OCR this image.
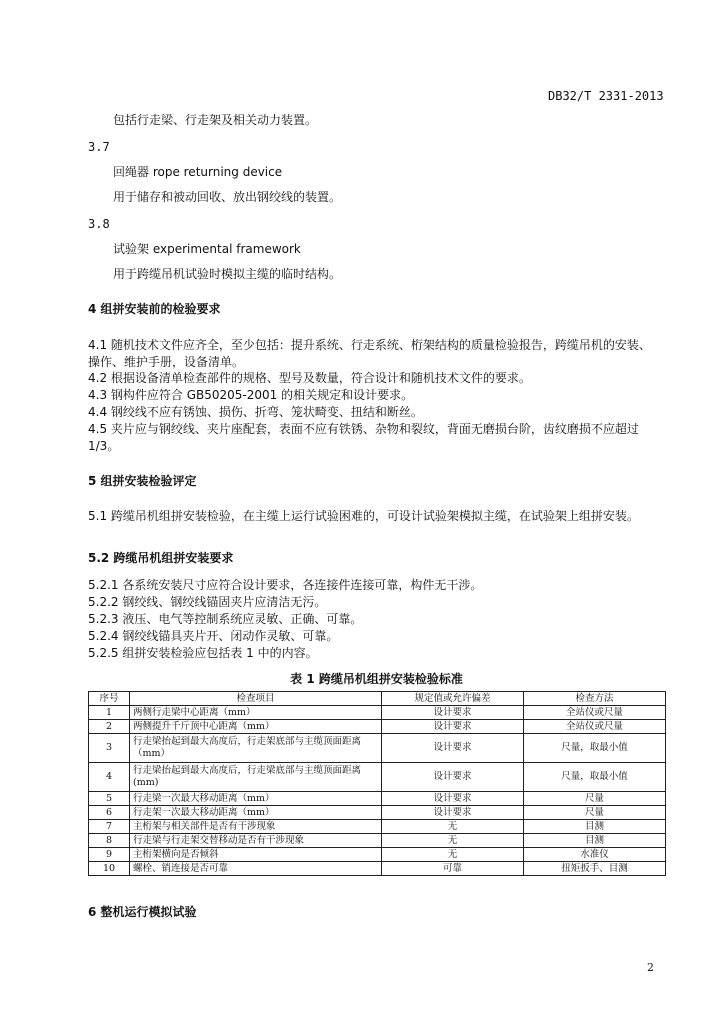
DB32/T 2331-2013
包括行走梁、行走架及相关动力装置。
3.7
回绳器 rope returning device
用于储存和被动回收、放出钢绞线的装置。
3.8
试验架 experimental framework
用于跨缆吊机试验时模拟主缆的临时结构。
4 组拼安装前的检验要求
4.1 随机技术文件应齐全，至少包括：提升系统、行走系统、桁架结构的质量检验报告，跨缆吊机的安装、操作、维护手册，设备清单。
4.2 根据设备清单检查部件的规格、型号及数量，符合设计和随机技术文件的要求。
4.3 钢构件应符合 GB50205-2001 的相关规定和设计要求。
4.4 钢绞线不应有锈蚀、损伤、折弯、笼状畸变、扭结和断丝。
4.5 夹片应与钢绞线、夹片座配套，表面不应有铁锈、杂物和裂纹，背面无磨损台阶，齿纹磨损不应超过 1/3。
5 组拼安装检验评定
5.1 跨缆吊机组拼安装检验，在主缆上运行试验困难的，可设计试验架模拟主缆，在试验架上组拼安装。
5.2 跨缆吊机组拼安装要求
5.2.1 各系统安装尺寸应符合设计要求，各连接件连接可靠，构件无干涉。
5.2.2 钢绞线、钢绞线锚固夹片应清洁无污。
5.2.3 液压、电气等控制系统应灵敏、正确、可靠。
5.2.4 钢绞线锚具夹片开、闭动作灵敏、可靠。
5.2.5 组拼安装检验应包括表 1 中的内容。
表 1 跨缆吊机组拼安装检验标准
序号	检查项目	规定值或允许偏差	检查方法
1	两侧行走梁中心距离（mm）	设计要求	全站仪或尺量
2	两侧提升千斤顶中心距离（mm）	设计要求	全站仪或尺量
3	行走梁抬起到最大高度后，行走架底部与主缆顶面距离（mm）	设计要求	尺量，取最小值
4	行走梁抬起到最大高度后，行走梁底部与主缆顶面距离(mm)	设计要求	尺量，取最小值
5	行走梁一次最大移动距离（mm）	设计要求	尺量
6	行走架一次最大移动距离（mm）	设计要求	尺量
7	主桁架与相关部件是否有干涉现象	无	目测
8	行走梁与行走架交替移动是否有干涉现象	无	目测
9	主桁架横向是否倾斜	无	水准仪
10	螺栓、销连接是否可靠	可靠	扭矩扳手、目测
6 整机运行模拟试验
2
